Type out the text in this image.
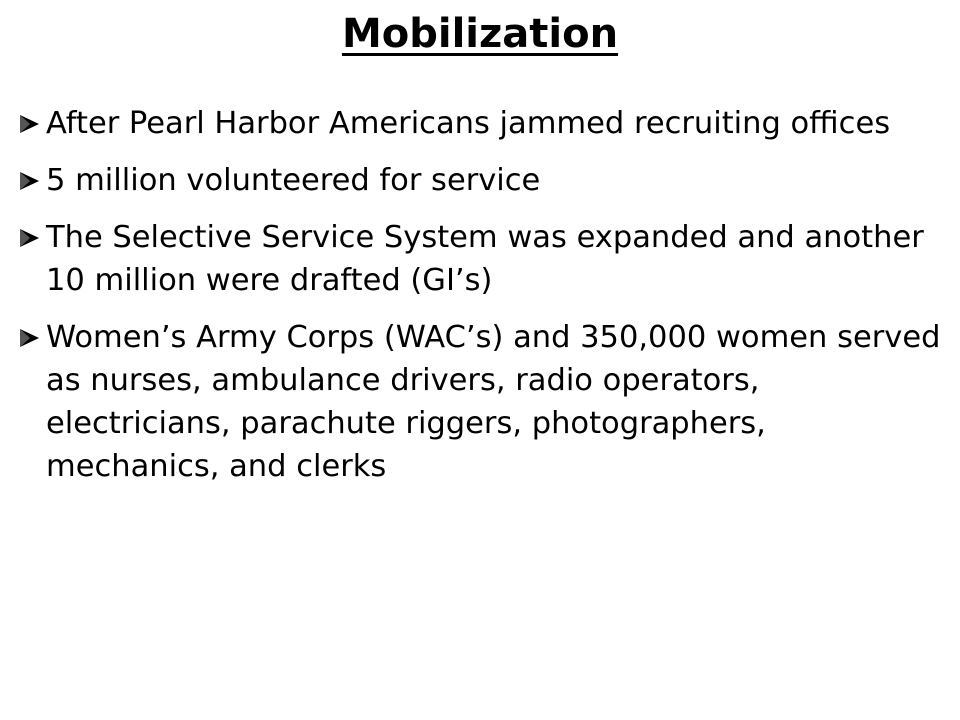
Mobilization
After Pearl Harbor Americans jammed recruiting offices
5 million volunteered for service
The Selective Service System was expanded and another 10 million were drafted (GI’s)
Women’s Army Corps (WAC’s) and 350,000 women served as nurses, ambulance drivers, radio operators, electricians, parachute riggers, photographers, mechanics, and clerks
